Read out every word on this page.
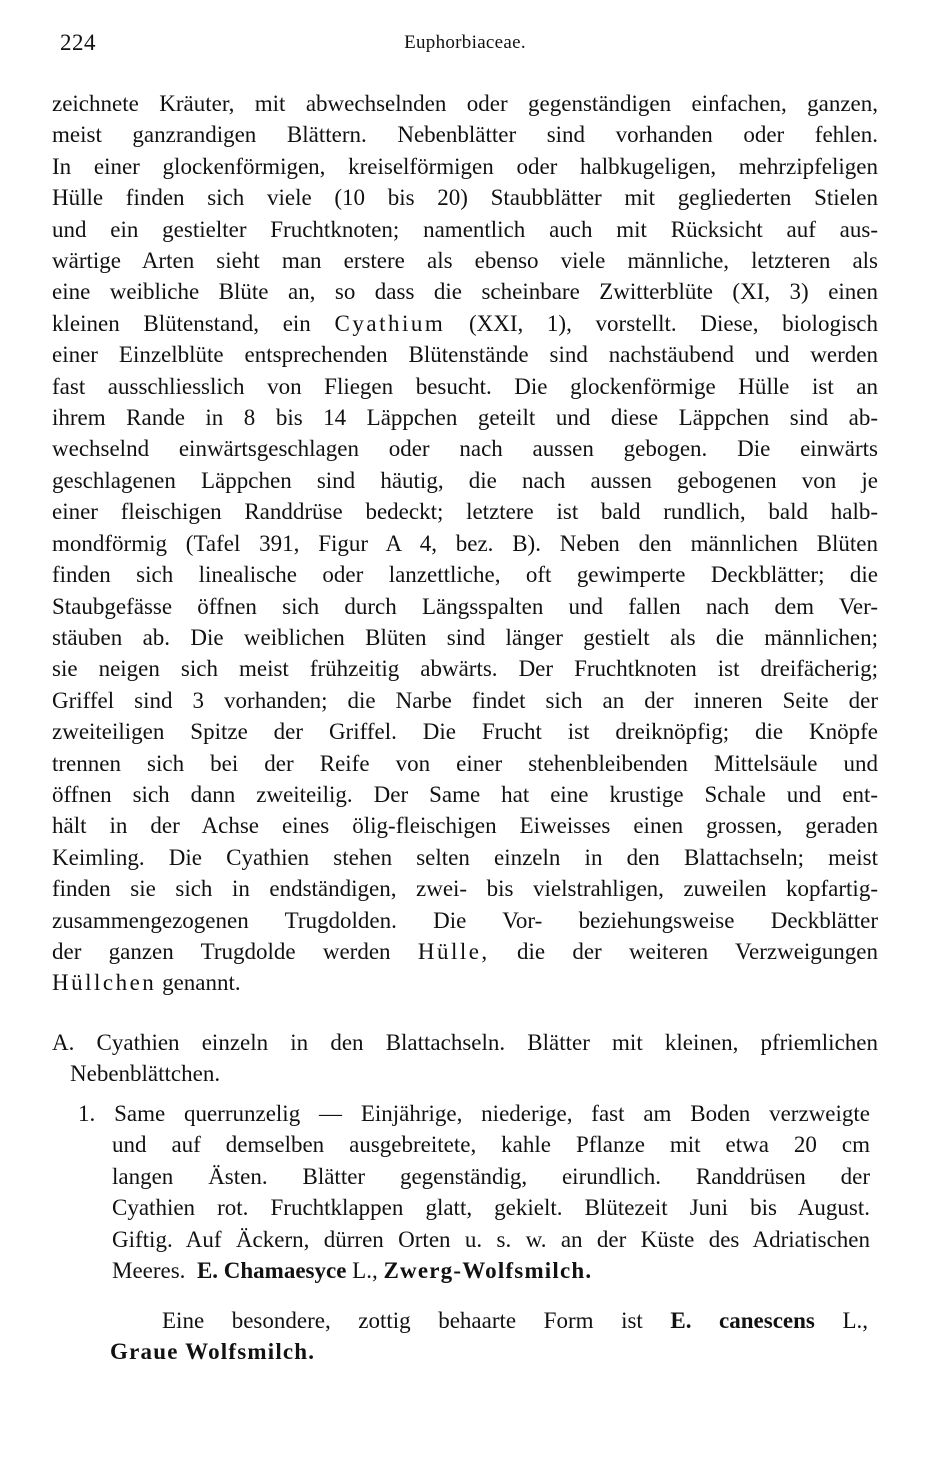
224	Euphorbiaceae.
zeichnete Kräuter, mit abwechselnden oder gegenständigen einfachen, ganzen,
meist ganzrandigen Blättern. Nebenblätter sind vorhanden oder fehlen.
In einer glockenförmigen, kreiselförmigen oder halbkugeligen, mehrzipfeligen
Hülle finden sich viele (10 bis 20) Staubblätter mit gegliederten Stielen
und ein gestielter Fruchtknoten; namentlich auch mit Rücksicht auf aus-
wärtige Arten sieht man erstere als ebenso viele männliche, letzteren als
eine weibliche Blüte an, so dass die scheinbare Zwitterblüte (XI, 3) einen
kleinen Blütenstand, ein Cyathium (XXI, 1), vorstellt. Diese, biologisch
einer Einzelblüte entsprechenden Blütenstände sind nachstäubend und werden
fast ausschliesslich von Fliegen besucht. Die glockenförmige Hülle ist an
ihrem Rande in 8 bis 14 Läppchen geteilt und diese Läppchen sind ab-
wechselnd einwärtsgeschlagen oder nach aussen gebogen. Die einwärts
geschlagenen Läppchen sind häutig, die nach aussen gebogenen von je
einer fleischigen Randdrüse bedeckt; letztere ist bald rundlich, bald halb-
mondförmig (Tafel 391, Figur A 4, bez. B). Neben den männlichen Blüten
finden sich linealische oder lanzettliche, oft gewimperte Deckblätter; die
Staubgefässe öffnen sich durch Längsspalten und fallen nach dem Ver-
stäuben ab. Die weiblichen Blüten sind länger gestielt als die männlichen;
sie neigen sich meist frühzeitig abwärts. Der Fruchtknoten ist dreifächerig;
Griffel sind 3 vorhanden; die Narbe findet sich an der inneren Seite der
zweiteiligen Spitze der Griffel. Die Frucht ist dreiknöpfig; die Knöpfe
trennen sich bei der Reife von einer stehenbleibenden Mittelsäule und
öffnen sich dann zweiteilig. Der Same hat eine krustige Schale und ent-
hält in der Achse eines ölig-fleischigen Eiweisses einen grossen, geraden
Keimling. Die Cyathien stehen selten einzeln in den Blattachseln; meist
finden sie sich in endständigen, zwei- bis vielstrahligen, zuweilen kopfartig-
zusammengezogenen Trugdolden. Die Vor- beziehungsweise Deckblätter
der ganzen Trugdolde werden Hülle, die der weiteren Verzweigungen
Hüllchen genannt.
A. Cyathien einzeln in den Blattachseln. Blätter mit kleinen, pfriemlichen
Nebenblättchen.
1. Same querrunzelig — Einjährige, niederige, fast am Boden verzweigte
und auf demselben ausgebreitete, kahle Pflanze mit etwa 20 cm
langen Ästen. Blätter gegenständig, eirundlich. Randdrüsen der
Cyathien rot. Fruchtklappen glatt, gekielt. Blütezeit Juni bis August.
Giftig. Auf Äckern, dürren Orten u. s. w. an der Küste des Adriatischen
Meeres. E. Chamaesyce L., Zwerg-Wolfsmilch.
Eine besondere, zottig behaarte Form ist E. canescens L.,
Graue Wolfsmilch.
